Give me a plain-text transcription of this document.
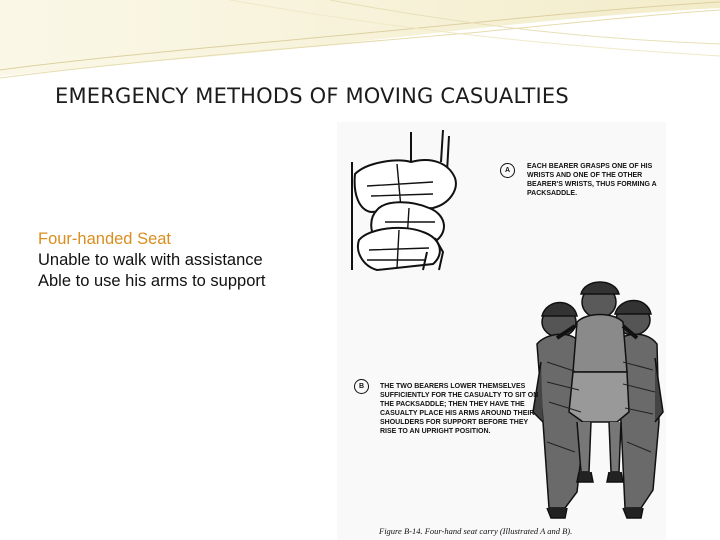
EMERGENCY METHODS OF MOVING CASUALTIES
Four-handed Seat
Unable to walk with assistance
Able to use his arms to support
A
EACH BEARER GRASPS ONE OF HIS WRISTS AND ONE OF THE OTHER BEARER'S WRISTS, THUS FORMING A PACKSADDLE.
B	THE TWO BEARERS LOWER THEMSELVES SUFFICIENTLY FOR THE CASUALTY TO SIT ON THE PACKSADDLE; THEN THEY HAVE THE CASUALTY PLACE HIS ARMS AROUND THEIR SHOULDERS FOR SUPPORT BEFORE THEY RISE TO AN UPRIGHT POSITION.
Figure B-14. Four-hand seat carry (Illustrated A and B).
